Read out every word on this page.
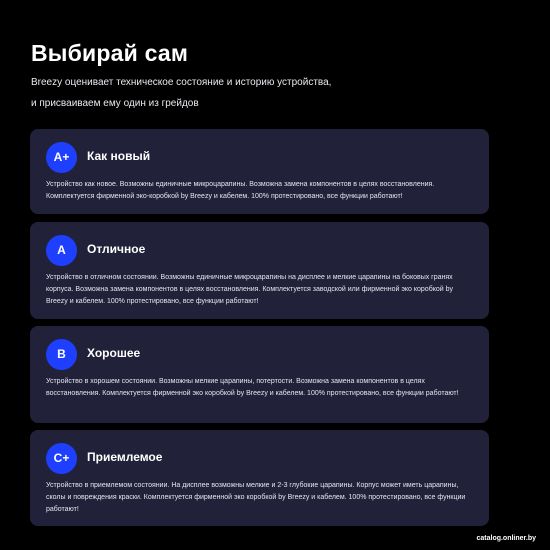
Выбирай сам
Breezy оценивает техническое состояние и историю устройства,
и присваиваем ему один из грейдов
A+	Как новый
Устройство как новое. Возможны единичные микроцарапины. Возможна замена компонентов в целях восстановления. Комплектуется фирменной эко-коробкой by Breezy и кабелем. 100% протестировано, все функции работают!
A	Отличное
Устройство в отличном состоянии. Возможны единичные микроцарапины на дисплее и мелкие царапины на боковых гранях корпуса. Возможна замена компонентов в целях восстановления. Комплектуется заводской или фирменной эко коробкой by Breezy и кабелем. 100% протестировано, все функции работают!
B	Хорошее
Устройство в хорошем состоянии. Возможны мелкие царапины, потертости. Возможна замена компонентов в целях восстановления. Комплектуется фирменной эко коробкой by Breezy и кабелем. 100% протестировано, все функции работают!
C+	Приемлемое
Устройство в приемлемом состоянии. На дисплее возможны мелкие и 2-3 глубокие царапины. Корпус может иметь царапины, сколы и повреждения краски. Комплектуется фирменной эко коробкой by Breezy и кабелем. 100% протестировано, все функции работают!
catalog.onliner.by
